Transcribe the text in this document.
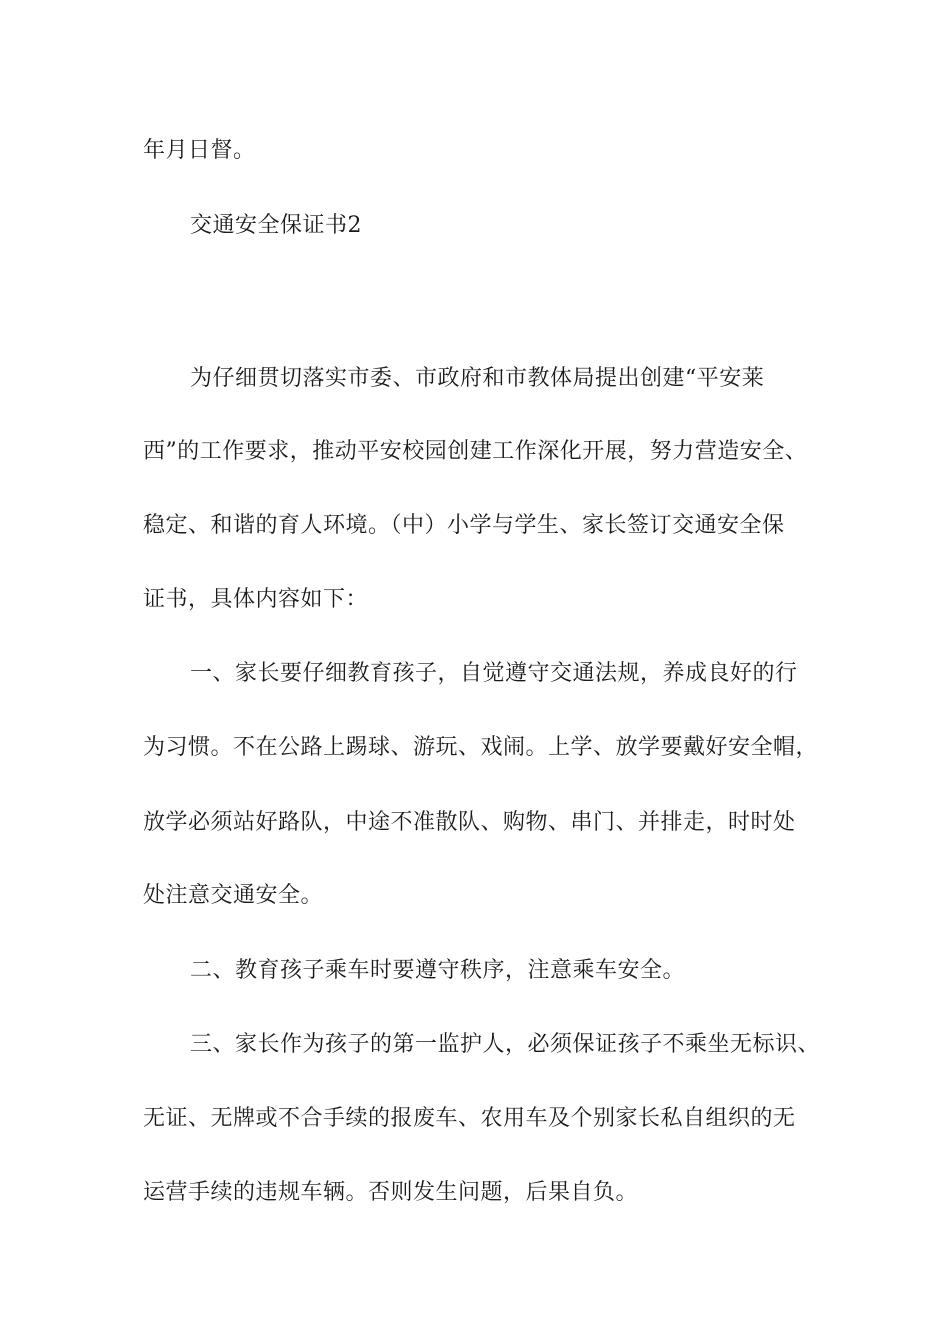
年月日督。
交通安全保证书2
为仔细贯切落实市委、市政府和市教体局提出创建“平安莱
西”的工作要求，推动平安校园创建工作深化开展，努力营造安全、
稳定、和谐的育人环境。（中）小学与学生、家长签订交通安全保
证书，具体内容如下：
一、家长要仔细教育孩子，自觉遵守交通法规，养成良好的行
为习惯。不在公路上踢球、游玩、戏闹。上学、放学要戴好安全帽，
放学必须站好路队，中途不准散队、购物、串门、并排走，时时处
处注意交通安全。
二、教育孩子乘车时要遵守秩序，注意乘车安全。
三、家长作为孩子的第一监护人，必须保证孩子不乘坐无标识、
无证、无牌或不合手续的报废车、农用车及个别家长私自组织的无
运营手续的违规车辆。否则发生问题，后果自负。
